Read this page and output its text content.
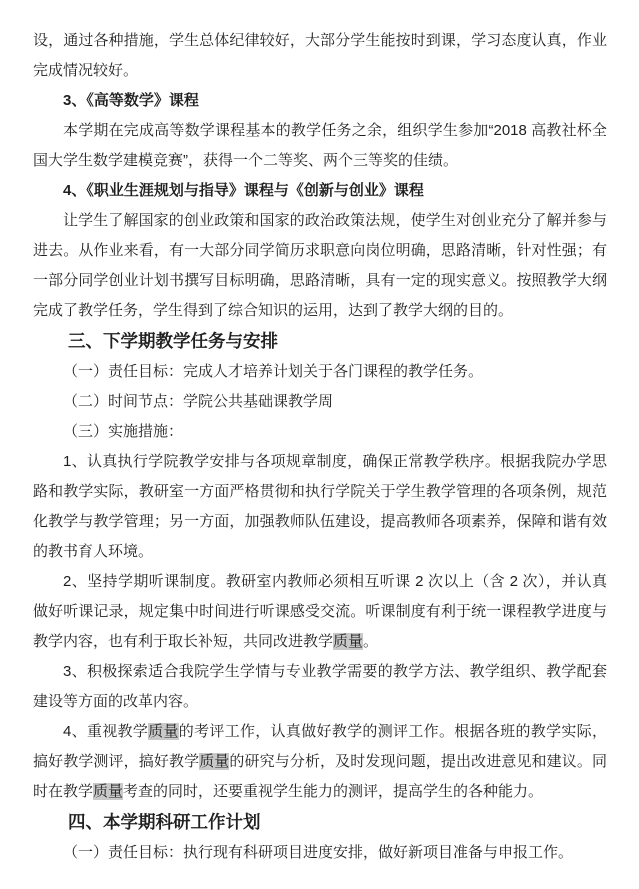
设，通过各种措施，学生总体纪律较好，大部分学生能按时到课，学习态度认真，作业完成情况较好。

3、《高等数学》课程

本学期在完成高等数学课程基本的教学任务之余，组织学生参加“2018 高教社杯全国大学生数学建模竞赛”，获得一个二等奖、两个三等奖的佳绩。

4、《职业生涯规划与指导》课程与《创新与创业》课程

让学生了解国家的创业政策和国家的政治政策法规，使学生对创业充分了解并参与进去。从作业来看，有一大部分同学简历求职意向岗位明确，思路清晰，针对性强；有一部分同学创业计划书撰写目标明确，思路清晰，具有一定的现实意义。按照教学大纲完成了教学任务，学生得到了综合知识的运用，达到了教学大纲的目的。

三、下学期教学任务与安排

（一）责任目标：完成人才培养计划关于各门课程的教学任务。

（二）时间节点：学院公共基础课教学周

（三）实施措施：

1、认真执行学院教学安排与各项规章制度，确保正常教学秩序。根据我院办学思路和教学实际，教研室一方面严格贯彻和执行学院关于学生教学管理的各项条例，规范化教学与教学管理；另一方面，加强教师队伍建设，提高教师各项素养，保障和谐有效的教书育人环境。

2、坚持学期听课制度。教研室内教师必须相互听课 2 次以上（含 2 次），并认真做好听课记录，规定集中时间进行听课感受交流。听课制度有利于统一课程教学进度与教学内容，也有利于取长补短，共同改进教学质量。

3、积极探索适合我院学生学情与专业教学需要的教学方法、教学组织、教学配套建设等方面的改革内容。

4、重视教学质量的考评工作，认真做好教学的测评工作。根据各班的教学实际，搞好教学测评，搞好教学质量的研究与分析，及时发现问题，提出改进意见和建议。同时在教学质量考查的同时，还要重视学生能力的测评，提高学生的各种能力。

四、本学期科研工作计划

（一）责任目标：执行现有科研项目进度安排，做好新项目准备与申报工作。
